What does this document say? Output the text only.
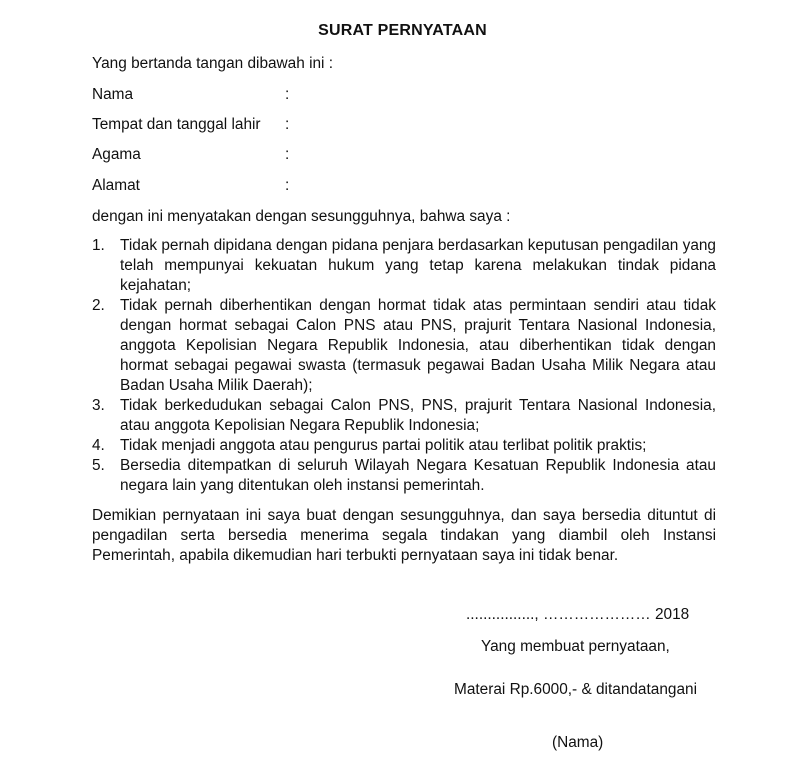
SURAT PERNYATAAN
Yang bertanda tangan dibawah ini :
Nama	:
Tempat dan tanggal lahir :
Agama	:
Alamat	:
dengan ini menyatakan dengan sesungguhnya, bahwa saya :
1. Tidak pernah dipidana dengan pidana penjara berdasarkan keputusan pengadilan yang telah mempunyai kekuatan hukum yang tetap karena melakukan tindak pidana kejahatan;
2. Tidak pernah diberhentikan dengan hormat tidak atas permintaan sendiri atau tidak dengan hormat sebagai Calon PNS atau PNS, prajurit Tentara Nasional Indonesia, anggota Kepolisian Negara Republik Indonesia, atau diberhentikan tidak dengan hormat sebagai pegawai swasta (termasuk pegawai Badan Usaha Milik Negara atau Badan Usaha Milik Daerah);
3. Tidak berkedudukan sebagai Calon PNS, PNS, prajurit Tentara Nasional Indonesia, atau anggota Kepolisian Negara Republik Indonesia;
4. Tidak menjadi anggota atau pengurus partai politik atau terlibat politik praktis;
5. Bersedia ditempatkan di seluruh Wilayah Negara Kesatuan Republik Indonesia atau negara lain yang ditentukan oleh instansi pemerintah.
Demikian pernyataan ini saya buat dengan sesungguhnya, dan saya bersedia dituntut di pengadilan serta bersedia menerima segala tindakan yang diambil oleh Instansi Pemerintah, apabila dikemudian hari terbukti pernyataan saya ini tidak benar.
................, ………………… 2018
Yang membuat pernyataan,
Materai Rp.6000,- & ditandatangani
(Nama)
